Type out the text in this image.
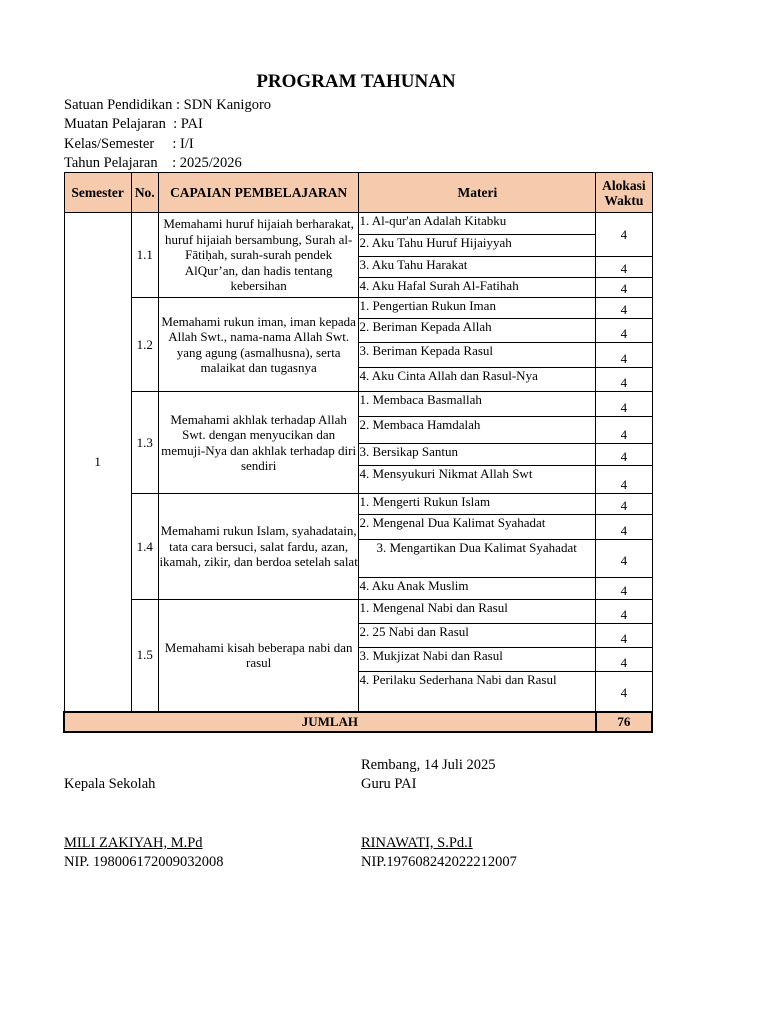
PROGRAM TAHUNAN
Satuan Pendidikan : SDN Kanigoro
Muatan Pelajaran  : PAI
Kelas/Semester     : I/I
Tahun Pelajaran    : 2025/2026
Semester	No.	CAPAIAN PEMBELAJARAN	Materi	Alokasi
Waktu
1	1.1	Memahami huruf hijaiah berharakat, huruf hijaiah bersambung, Surah al-Fātiḥah, surah-surah pendek AlQur’an, dan hadis tentang kebersihan	1. Al-qur'an Adalah Kitabku	4
			2. Aku Tahu Huruf Hijaiyyah	
			3. Aku Tahu Harakat	4
			4. Aku Hafal Surah Al-Fatihah	4
	1.2	Memahami rukun iman, iman kepada Allah Swt., nama-nama Allah Swt. yang agung (asmalhusna), serta malaikat dan tugasnya	1. Pengertian Rukun Iman	4
			2. Beriman Kepada Allah	4
			3. Beriman Kepada Rasul	4
			4. Aku Cinta Allah dan Rasul-Nya	4
	1.3	Memahami akhlak terhadap Allah Swt. dengan menyucikan dan memuji-Nya dan akhlak terhadap diri sendiri	1. Membaca Basmallah	4
			2. Membaca Hamdalah	4
			3. Bersikap Santun	4
			4. Mensyukuri Nikmat Allah Swt	4
	1.4	Memahami rukun Islam, syahadatain, tata cara bersuci, salat fardu, azan, ikamah, zikir, dan berdoa setelah salat	1. Mengerti Rukun Islam	4
			2. Mengenal Dua Kalimat Syahadat	4
			3. Mengartikan Dua Kalimat Syahadat	4
			4. Aku Anak Muslim	4
	1.5	Memahami kisah beberapa nabi dan rasul	1. Mengenal Nabi dan Rasul	4
			2. 25 Nabi dan Rasul	4
			3. Mukjizat Nabi dan Rasul	4
			4. Perilaku Sederhana Nabi dan Rasul	4
JUMLAH				76
Rembang, 14 Juli 2025
Kepala Sekolah	Guru PAI
MILI ZAKIYAH, M.Pd
NIP. 198006172009032008
RINAWATI, S.Pd.I
NIP.197608242022212007
